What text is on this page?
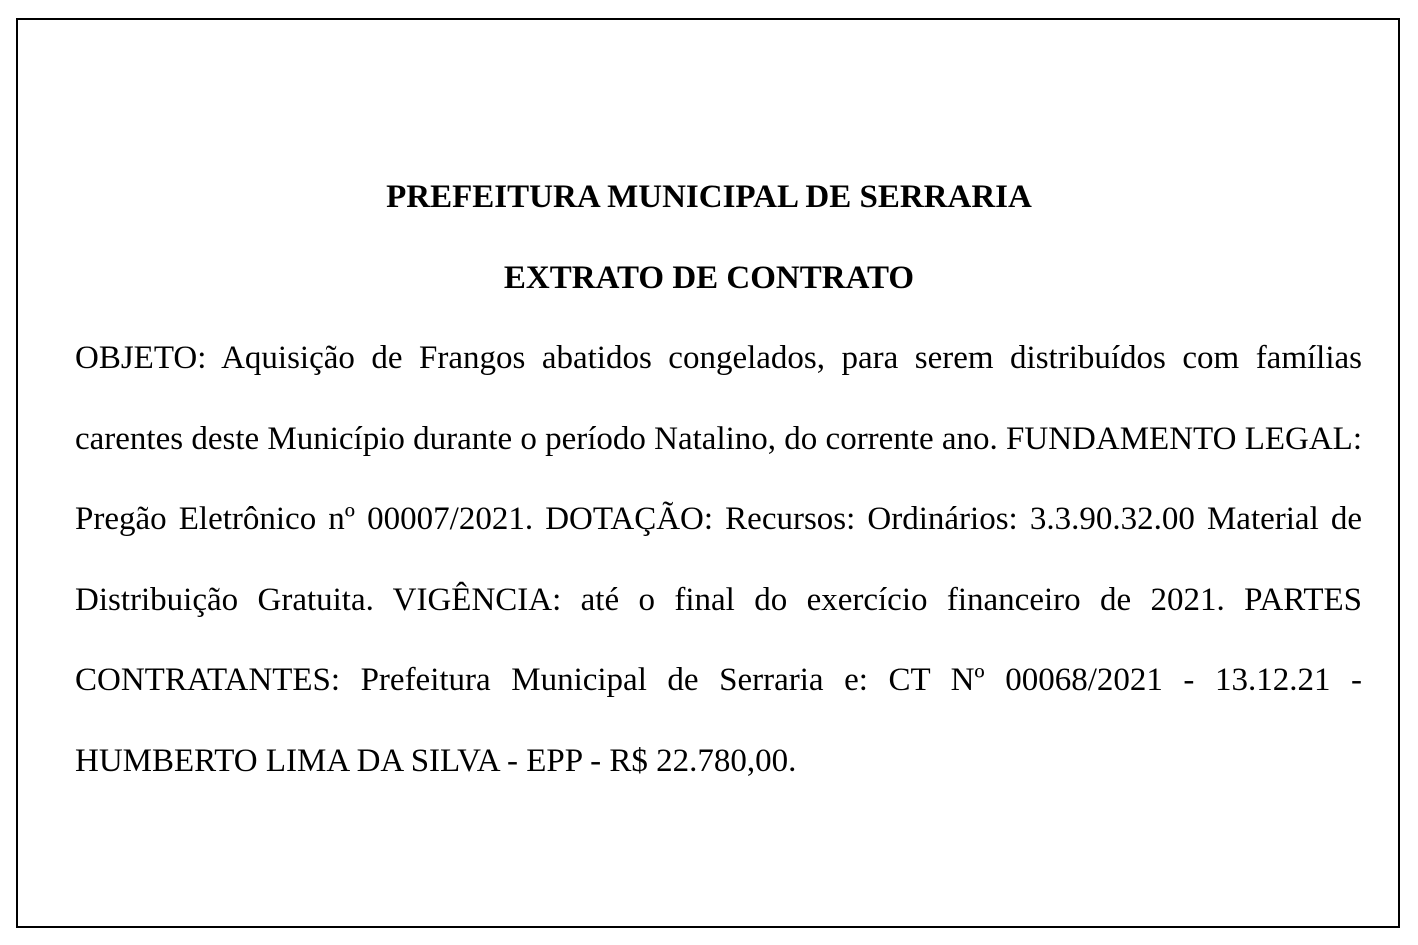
PREFEITURA MUNICIPAL DE SERRARIA
EXTRATO DE CONTRATO

OBJETO: Aquisição de Frangos abatidos congelados, para serem distribuídos com famílias

carentes deste Município durante o período Natalino, do corrente ano. FUNDAMENTO LEGAL:

Pregão Eletrônico nº 00007/2021. DOTAÇÃO: Recursos: Ordinários: 3.3.90.32.00 Material de

Distribuição Gratuita. VIGÊNCIA: até o final do exercício financeiro de 2021. PARTES

CONTRATANTES: Prefeitura Municipal de Serraria e: CT Nº 00068/2021 - 13.12.21 -

HUMBERTO LIMA DA SILVA - EPP - R$ 22.780,00.
